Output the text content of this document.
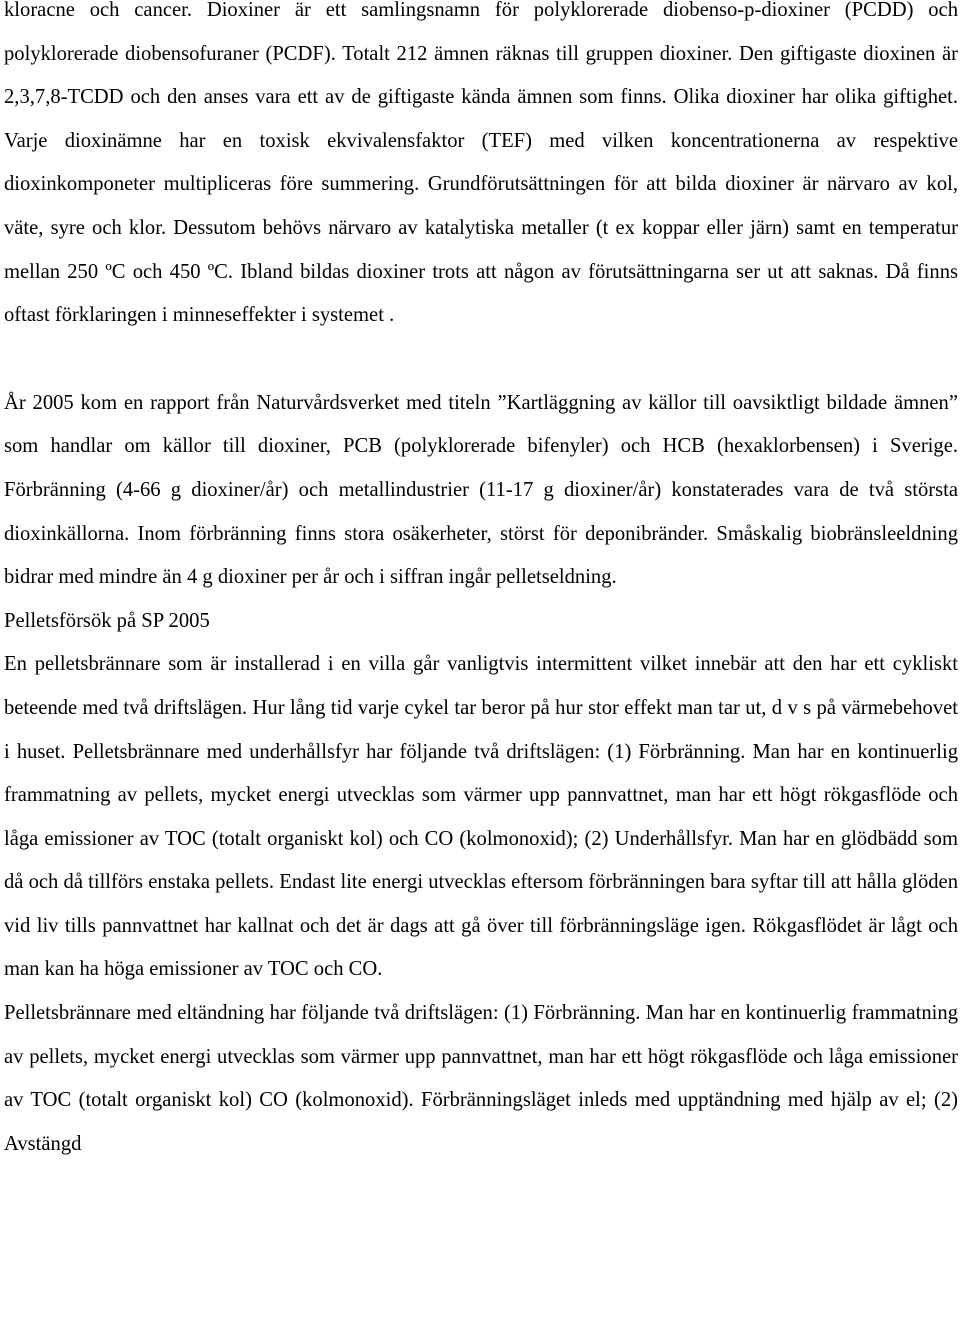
kloracne och cancer. Dioxiner är ett samlingsnamn för polyklorerade diobenso-p-dioxiner (PCDD) och polyklorerade diobensofuraner (PCDF). Totalt 212 ämnen räknas till gruppen dioxiner. Den giftigaste dioxinen är 2,3,7,8-TCDD och den anses vara ett av de giftigaste kända ämnen som finns. Olika dioxiner har olika giftighet. Varje dioxinämne har en toxisk ekvivalensfaktor (TEF) med vilken koncentrationerna av respektive dioxinkomponeter multipliceras före summering. Grundförutsättningen för att bilda dioxiner är närvaro av kol, väte, syre och klor. Dessutom behövs närvaro av katalytiska metaller (t ex koppar eller järn) samt en temperatur mellan 250 ºC och 450 ºC. Ibland bildas dioxiner trots att någon av förutsättningarna ser ut att saknas. Då finns oftast förklaringen i minneseffekter i systemet .

År 2005 kom en rapport från Naturvårdsverket med titeln ”Kartläggning av källor till oavsiktligt bildade ämnen” som handlar om källor till dioxiner, PCB (polyklorerade bifenyler) och HCB (hexaklorbensen) i Sverige. Förbränning (4-66 g dioxiner/år) och metallindustrier (11-17 g dioxiner/år) konstaterades vara de två största dioxinkällorna. Inom förbränning finns stora osäkerheter, störst för deponibränder. Småskalig biobränsleeldning bidrar med mindre än 4 g dioxiner per år och i siffran ingår pelletseldning.

Pelletsförsök på SP 2005

En pelletsbrännare som är installerad i en villa går vanligtvis intermittent vilket innebär att den har ett cykliskt beteende med två driftslägen. Hur lång tid varje cykel tar beror på hur stor effekt man tar ut, d v s på värmebehovet i huset. Pelletsbrännare med underhållsfyr har följande två driftslägen: (1) Förbränning. Man har en kontinuerlig frammatning av pellets, mycket energi utvecklas som värmer upp pannvattnet, man har ett högt rökgasflöde och låga emissioner av TOC (totalt organiskt kol) och CO (kolmonoxid); (2) Underhållsfyr. Man har en glödbädd som då och då tillförs enstaka pellets. Endast lite energi utvecklas eftersom förbränningen bara syftar till att hålla glöden vid liv tills pannvattnet har kallnat och det är dags att gå över till förbränningsläge igen. Rökgasflödet är lågt och man kan ha höga emissioner av TOC och CO.

Pelletsbrännare med eltändning har följande två driftslägen: (1) Förbränning. Man har en kontinuerlig frammatning av pellets, mycket energi utvecklas som värmer upp pannvattnet, man har ett högt rökgasflöde och låga emissioner av TOC (totalt organiskt kol) CO (kolmonoxid). Förbränningsläget inleds med upptändning med hjälp av el; (2) Avstängd
